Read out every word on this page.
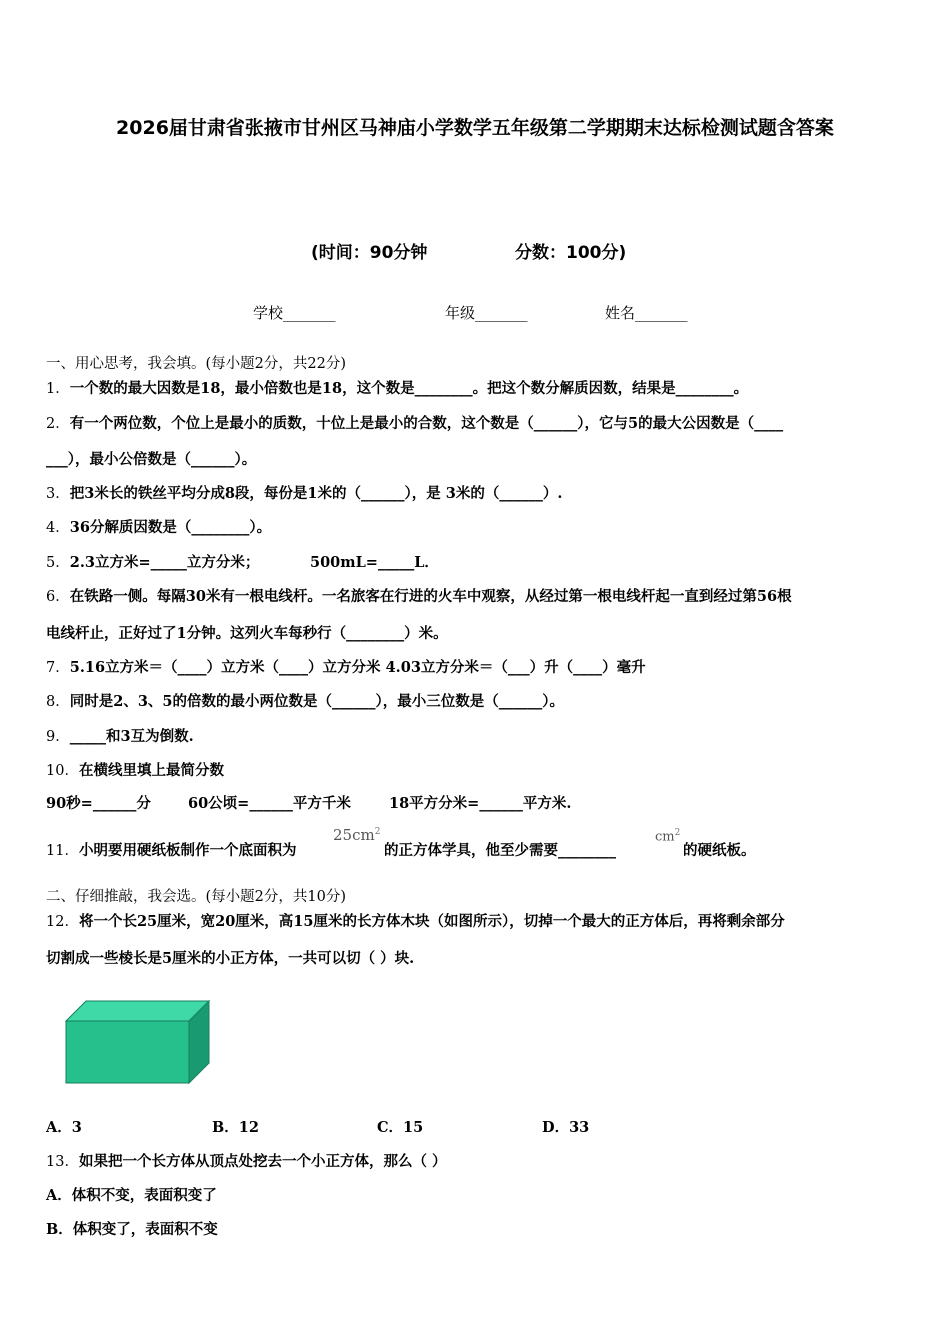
2026届甘肃省张掖市甘州区马神庙小学数学五年级第二学期期末达标检测试题含答案
(时间：90分钟	分数：100分)
学校_______	年级_______	姓名_______
一、用心思考，我会填。(每小题2分，共22分)
1．一个数的最大因数是18，最小倍数也是18，这个数是________。把这个数分解质因数，结果是________。
2．有一个两位数，个位上是最小的质数，十位上是最小的合数，这个数是（______），它与5的最大公因数是（____
___），最小公倍数是（______）。
3．把3米长的铁丝平均分成8段，每份是1米的（______），是 3米的（______）.
4．36分解质因数是（________）。
5．2.3立方米=_____立方分米；	500mL=_____L．
6．在铁路一侧。每隔30米有一根电线杆。一名旅客在行进的火车中观察，从经过第一根电线杆起一直到经过第56根
电线杆止，正好过了1分钟。这列火车每秒行（________）米。
7．5.16立方米＝（____）立方米（____）立方分米 4.03立方分米＝（___）升（____）毫升
8．同时是2、3、5的倍数的最小两位数是（______），最小三位数是（______）。
9．_____和3互为倒数.
10．在横线里填上最简分数
90秒=______分	60公顷=______平方千米	18平方分米=______平方米.
11．小明要用硬纸板制作一个底面积为
$25cm^2$
的正方体学具，他至少需要________
$cm^2$
的硬纸板。
二、仔细推敲，我会选。(每小题2分，共10分)
12．将一个长25厘米，宽20厘米，高15厘米的长方体木块（如图所示），切掉一个最大的正方体后，再将剩余部分
切割成一些棱长是5厘米的小正方体，一共可以切（ ）块.
A．3	B．12	C．15	D．33
13．如果把一个长方体从顶点处挖去一个小正方体，那么（ ）
A．体积不变，表面积变了
B．体积变了，表面积不变
